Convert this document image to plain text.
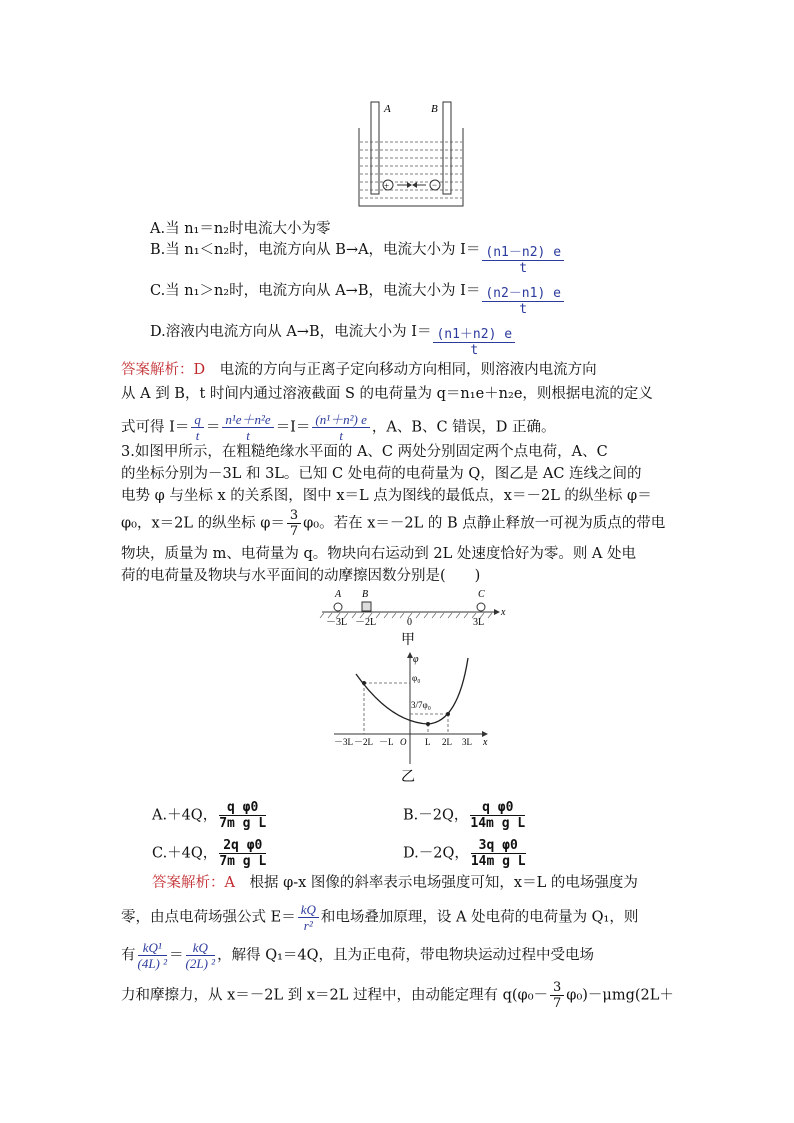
A	B
+	−
A.当 n₁＝n₂时电流大小为零
B.当 n₁＜n₂时，电流方向从 B→A，电流大小为 $I= \frac{(n1-n2) e}{t}$
C.当 n₁＞n₂时，电流方向从 A→B，电流大小为 $I= \frac{(n2-n1) e}{t}$
D.溶液内电流方向从 A→B，电流大小为 $I= \frac{(n1+n2) e}{t}$
答案解析：D　 电流的方向与正离子定向移动方向相同，则溶液内电流方向
从 A 到 B，t 时间内通过溶液截面 S 的电荷量为 q＝n₁e＋n₂e，则根据电流的定义
式可得 $I= \frac{q}{t} = \frac{\text{n¹e＋n²e}}{t} =I= \frac{\text{(n¹＋n²) e}}{t}$ ，A、B、C 错误，D 正确。
3.如图甲所示，在粗糙绝缘水平面的 A、C 两处分别固定两个点电荷，A、C
的坐标分别为－3L 和 3L。已知 C 处电荷的电荷量为 Q，图乙是 AC 连线之间的
电势 φ 与坐标 x 的关系图，图中 x＝L 点为图线的最低点，x＝－2L 的纵坐标 φ＝
φ₀，x＝2L 的纵坐标 $\varphi= \frac{3}{7} \varphi_0$。若在 x＝－2L 的 B 点静止释放一可视为质点的带电
物块，质量为 m、电荷量为 q。物块向右运动到 2L 处速度恰好为零。则 A 处电
荷的电荷量及物块与水平面间的动摩擦因数分别是(　　)
x
A B	C
－3L －2L	0	3L
甲
φ
x
φ₀
3/7φ₀
－3L －2L －L O L 2L 3L
乙
A.＋4Q， $\frac{\text{q φ0}}{\text{7m g L}}$	B.－2Q， $\frac{\text{q φ0}}{\text{14m g L}}$
C.＋4Q， $\frac{\text{2q φ0}}{\text{7m g L}}$	D.－2Q， $\frac{\text{3q φ0}}{\text{14m g L}}$
答案解析：A　 根据 φ-x 图像的斜率表示电场强度可知，x＝L 的电场强度为
零，由点电荷场强公式 $E= \frac{kQ}{\text{r²}}$ 和电场叠加原理，设 A 处电荷的电荷量为 Q₁，则
有 $\frac{\text{kQ¹}}{\text{(4L) ²}} = \frac{kQ}{\text{(2L) ²}}$ ，解得 Q₁＝4Q，且为正电荷，带电物块运动过程中受电场
力和摩擦力，从 x＝－2L 到 x＝2L 过程中，由动能定理有 $q(\varphi_0- \frac{3}{7} \varphi_0)-\mu mg(2L+$
